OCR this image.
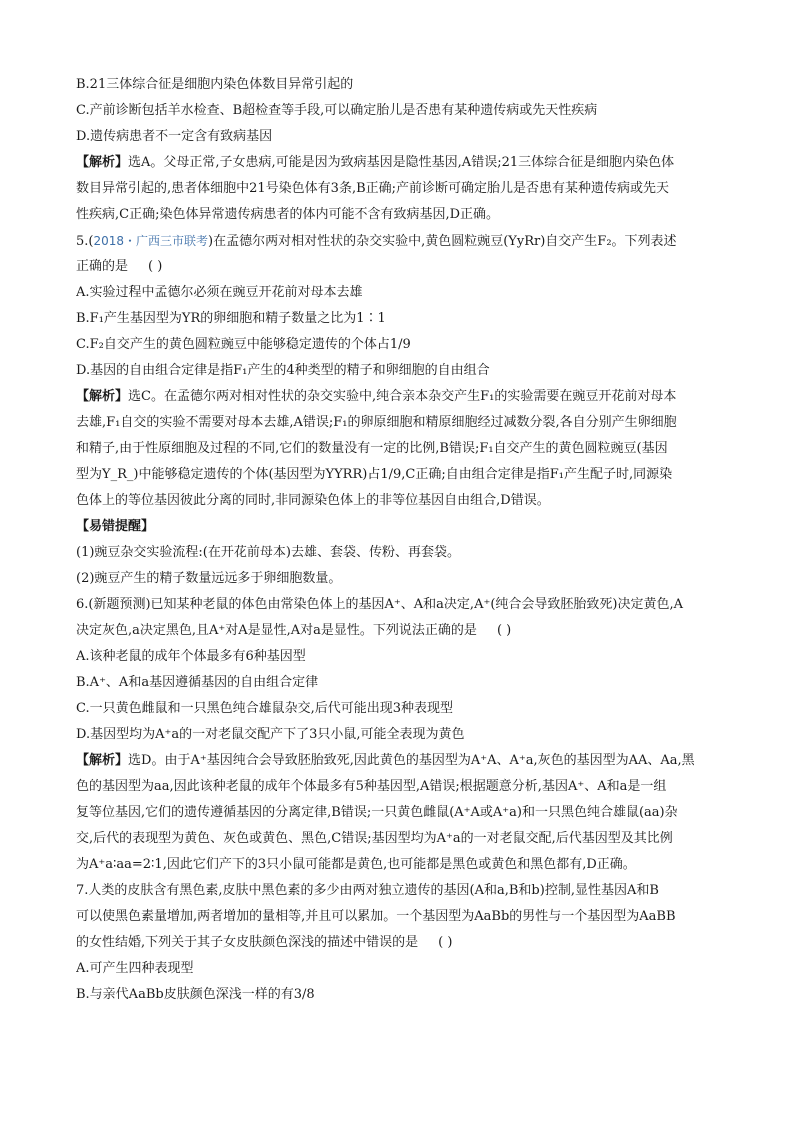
B.21三体综合征是细胞内染色体数目异常引起的
C.产前诊断包括羊水检查、B超检查等手段,可以确定胎儿是否患有某种遗传病或先天性疾病
D.遗传病患者不一定含有致病基因
【解析】选A。父母正常,子女患病,可能是因为致病基因是隐性基因,A错误;21三体综合征是细胞内染色体
数目异常引起的,患者体细胞中21号染色体有3条,B正确;产前诊断可确定胎儿是否患有某种遗传病或先天
性疾病,C正确;染色体异常遗传病患者的体内可能不含有致病基因,D正确。
5.(2018・广西三市联考)在孟德尔两对相对性状的杂交实验中,黄色圆粒豌豆(YyRr)自交产生F₂。下列表述
正确的是 ( )
A.实验过程中孟德尔必须在豌豆开花前对母本去雄
B.F₁产生基因型为YR的卵细胞和精子数量之比为1∶1
C.F₂自交产生的黄色圆粒豌豆中能够稳定遗传的个体占1/9
D.基因的自由组合定律是指F₁产生的4种类型的精子和卵细胞的自由组合
【解析】选C。在孟德尔两对相对性状的杂交实验中,纯合亲本杂交产生F₁的实验需要在豌豆开花前对母本
去雄,F₁自交的实验不需要对母本去雄,A错误;F₁的卵原细胞和精原细胞经过减数分裂,各自分别产生卵细胞
和精子,由于性原细胞及过程的不同,它们的数量没有一定的比例,B错误;F₁自交产生的黄色圆粒豌豆(基因
型为Y_R_)中能够稳定遗传的个体(基因型为YYRR)占1/9,C正确;自由组合定律是指F₁产生配子时,同源染
色体上的等位基因彼此分离的同时,非同源染色体上的非等位基因自由组合,D错误。
【易错提醒】
(1)豌豆杂交实验流程:(在开花前母本)去雄、套袋、传粉、再套袋。
(2)豌豆产生的精子数量远远多于卵细胞数量。
6.(新题预测)已知某种老鼠的体色由常染色体上的基因A⁺、A和a决定,A⁺(纯合会导致胚胎致死)决定黄色,A
决定灰色,a决定黑色,且A⁺对A是显性,A对a是显性。下列说法正确的是 ( )
A.该种老鼠的成年个体最多有6种基因型
B.A⁺、A和a基因遵循基因的自由组合定律
C.一只黄色雌鼠和一只黑色纯合雄鼠杂交,后代可能出现3种表现型
D.基因型均为A⁺a的一对老鼠交配产下了3只小鼠,可能全表现为黄色
【解析】选D。由于A⁺基因纯合会导致胚胎致死,因此黄色的基因型为A⁺A、A⁺a,灰色的基因型为AA、Aa,黑
色的基因型为aa,因此该种老鼠的成年个体最多有5种基因型,A错误;根据题意分析,基因A⁺、A和a是一组
复等位基因,它们的遗传遵循基因的分离定律,B错误;一只黄色雌鼠(A⁺A或A⁺a)和一只黑色纯合雄鼠(aa)杂
交,后代的表现型为黄色、灰色或黄色、黑色,C错误;基因型均为A⁺a的一对老鼠交配,后代基因型及其比例
为A⁺a∶aa=2∶1,因此它们产下的3只小鼠可能都是黄色,也可能都是黑色或黄色和黑色都有,D正确。
7.人类的皮肤含有黑色素,皮肤中黑色素的多少由两对独立遗传的基因(A和a,B和b)控制,显性基因A和B
可以使黑色素量增加,两者增加的量相等,并且可以累加。一个基因型为AaBb的男性与一个基因型为AaBB
的女性结婚,下列关于其子女皮肤颜色深浅的描述中错误的是 ( )
A.可产生四种表现型
B.与亲代AaBb皮肤颜色深浅一样的有3/8
